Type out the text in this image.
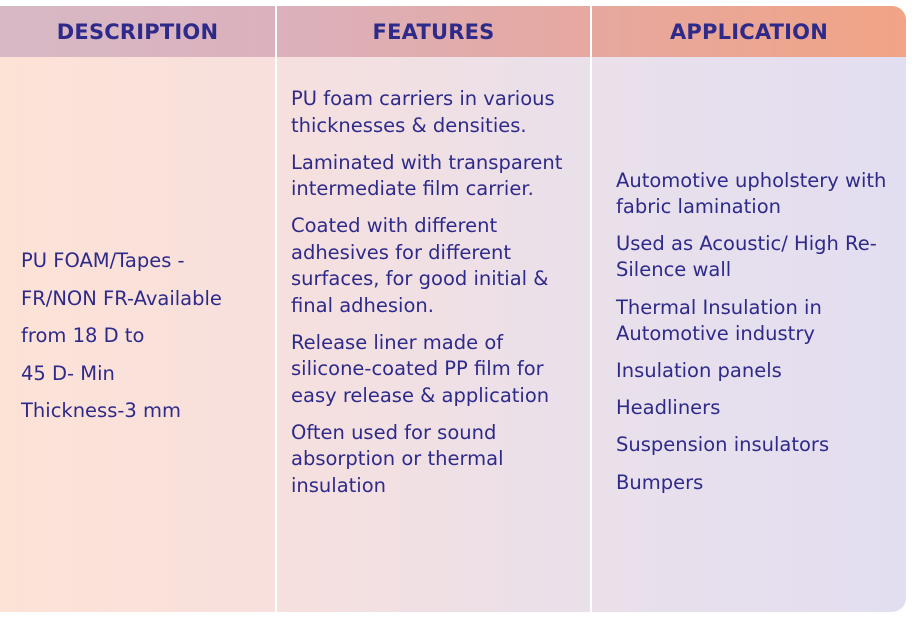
DESCRIPTION	FEATURES	APPLICATION
PU FOAM/Tapes -
FR/NON FR-Available
from 18 D to
45 D- Min
Thickness-3 mm
PU foam carriers in various thicknesses & densities.
Laminated with transparent intermediate film carrier.
Coated with different adhesives for different surfaces, for good initial & final adhesion.
Release liner made of silicone-coated PP film for easy release & application
Often used for sound absorption or thermal insulation
Automotive upholstery with fabric lamination
Used as Acoustic/ High Re-Silence wall
Thermal Insulation in Automotive industry
Insulation panels
Headliners
Suspension insulators
Bumpers
